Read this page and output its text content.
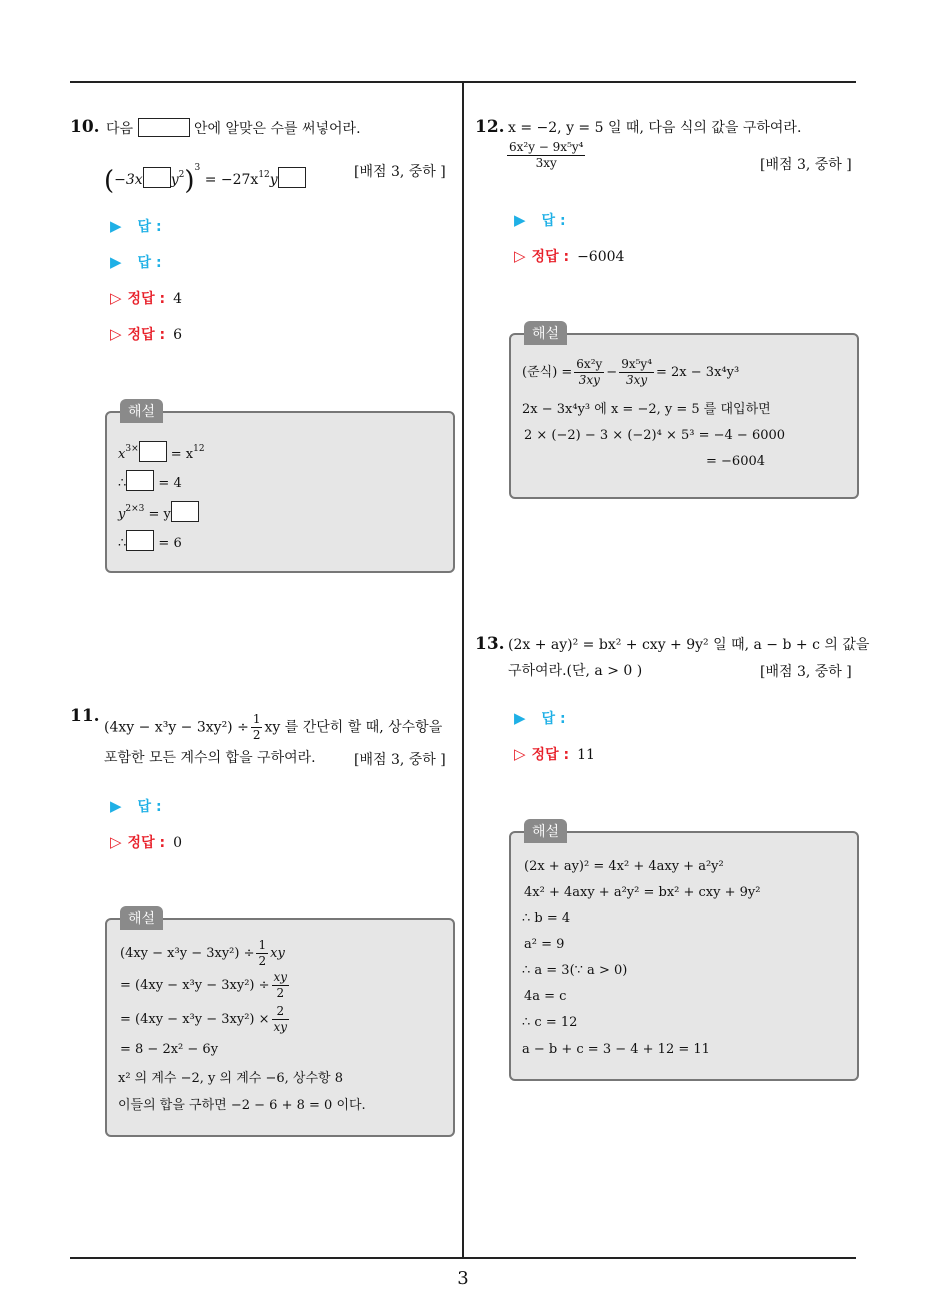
10. 다음	안에 알맞은 수를 써넣어라.
(−3x $y^2)^3 = -27x^{12}y$	[배점 3, 중하 ]
▶ 답 :
▶ 답 :
▷ 정답 : 4
▷ 정답 : 6
해설
$x^{3\times} = x^{12}$
∴ = 4
$y^{2\times 3} = y$
∴ = 6
11.
$(4xy - x^3y - 3xy^2) \div \frac{1}{2}$ xy 를 간단히 할 때, 상수항을
포함한 모든 계수의 합을 구하여라.	[배점 3, 중하 ]
▶ 답 :
▷ 정답 : 0
해설
$(4xy - x^3y - 3xy^2) \div \frac{1}{2}$ xy
= $(4xy - x^3y - 3xy^2) \div \frac{xy}{2}$
= $(4xy - x^3y - 3xy^2) \times \frac{2}{xy}$
= 8 − 2x² − 6y
x² 의 계수 −2, y 의 계수 −6, 상수항 8
이들의 합을 구하면 −2 − 6 + 8 = 0 이다.
12. x = −2, y = 5 일 때, 다음 식의 값을 구하여라.
$\frac{\text{6x²y − 9x⁵y⁴}}{3xy}$	[배점 3, 중하 ]
▶ 답 :
▷ 정답 : −6004
해설
(준식) = $\frac{\text{6x²y}}{3xy} - \frac{\text{9x⁵y⁴}}{3xy} = 2x - 3x^4y^3$
2x − 3x⁴y³ 에 x = −2, y = 5 를 대입하면
2 × (−2) − 3 × (−2)⁴ × 5³ = −4 − 6000
= −6004
13. (2x + ay)² = bx² + cxy + 9y² 일 때, a − b + c 의 값을
구하여라.(단, a > 0 )	[배점 3, 중하 ]
▶ 답 :
▷ 정답 : 11
해설
(2x + ay)² = 4x² + 4axy + a²y²
4x² + 4axy + a²y² = bx² + cxy + 9y²
∴ b = 4
a² = 9
∴ a = 3(∵ a > 0)
4a = c
∴ c = 12
a − b + c = 3 − 4 + 12 = 11
3
